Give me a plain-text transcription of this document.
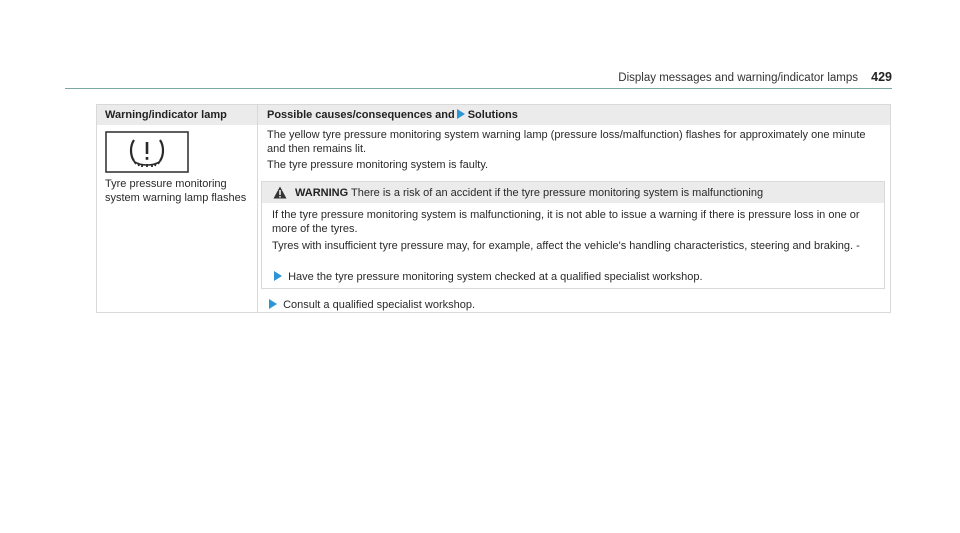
Display messages and warning/indicator lamps 429
Warning/indicator lamp	Possible causes/consequences and Solutions
Tyre pressure monitoring system warning lamp flashes
The yellow tyre pressure monitoring system warning lamp (pressure loss/malfunction) flashes for approximately one minute and then remains lit.
The tyre pressure monitoring system is faulty.
WARNING There is a risk of an accident if the tyre pressure monitoring system is malfunctioning
If the tyre pressure monitoring system is malfunctioning, it is not able to issue a warning if there is pressure loss in one or more of the tyres.
Tyres with insufficient tyre pressure may, for example, affect the vehicle's handling characteristics, steering and braking. -
Have the tyre pressure monitoring system checked at a qualified specialist workshop.
Consult a qualified specialist workshop.
